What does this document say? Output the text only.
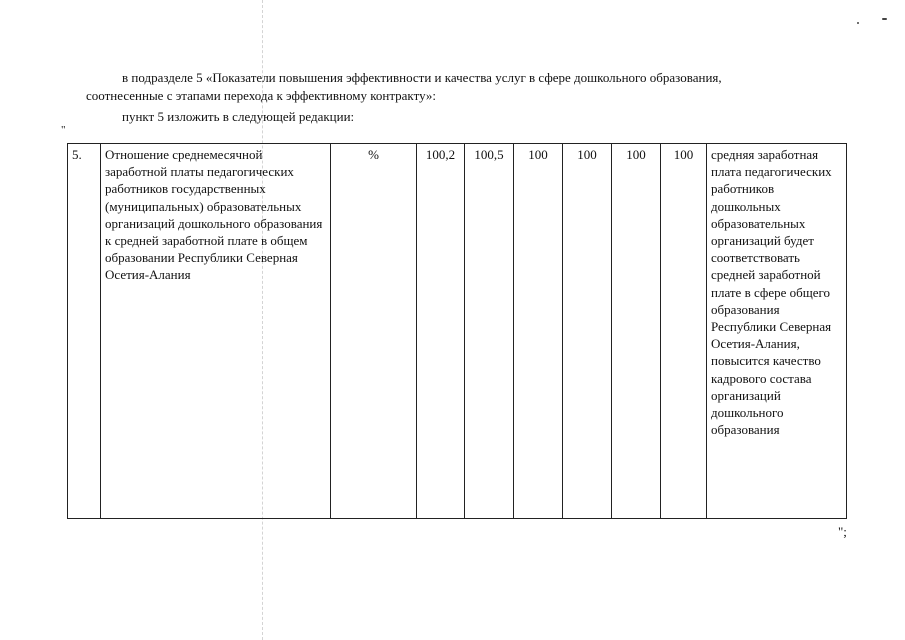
в подразделе 5 «Показатели повышения эффективности и качества услуг в сфере дошкольного образования,
соотнесенные с этапами перехода к эффективному контракту»:
пункт 5 изложить в следующей редакции:
"
5.	Отношение среднемесячной заработной платы педагогических работников государственных (муниципальных) образовательных организаций дошкольного образования к средней заработной плате в общем образовании Республики Северная Осетия-Алания	%	100,2	100,5	100	100	100	100	средняя заработная плата педагогических работников дошкольных образовательных организаций будет соответствовать средней заработной плате в сфере общего образования Республики Северная Осетия-Алания, повысится качество кадрового состава организаций дошкольного образования
";
